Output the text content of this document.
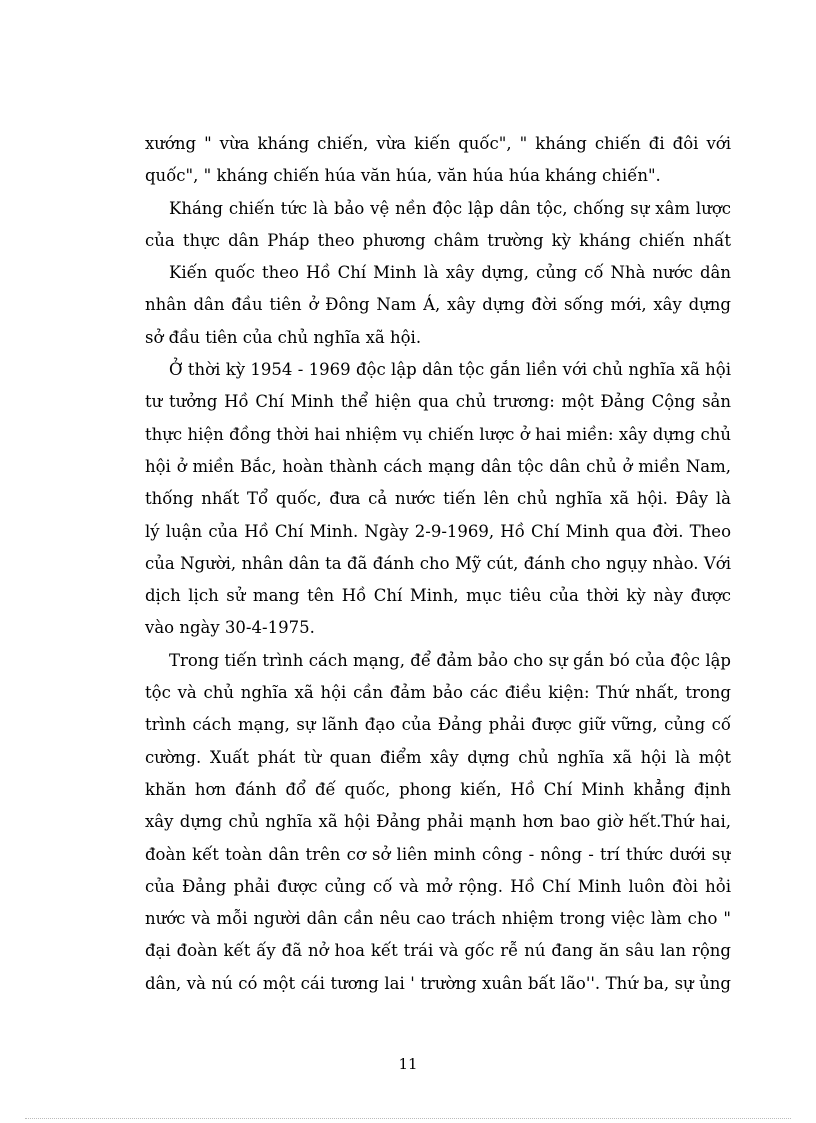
xướng " vừa kháng chiến, vừa kiến quốc", " kháng chiến đi đôi với
quốc", " kháng chiến húa văn húa, văn húa húa kháng chiến".
Kháng chiến tức là bảo vệ nền độc lập dân tộc, chống sự xâm lược
của thực dân Pháp theo phương châm trường kỳ kháng chiến nhất
Kiến quốc theo Hồ Chí Minh là xây dựng, củng cố Nhà nước dân
nhân dân đầu tiên ở Đông Nam Á, xây dựng đời sống mới, xây dựng
sở đầu tiên của chủ nghĩa xã hội.
Ở thời kỳ 1954 - 1969 độc lập dân tộc gắn liền với chủ nghĩa xã hội
tư tưởng Hồ Chí Minh thể hiện qua chủ trương: một Đảng Cộng sản
thực hiện đồng thời hai nhiệm vụ chiến lược ở hai miền: xây dựng chủ
hội ở miền Bắc, hoàn thành cách mạng dân tộc dân chủ ở miền Nam,
thống nhất Tổ quốc, đưa cả nước tiến lên chủ nghĩa xã hội. Đây là
lý luận của Hồ Chí Minh. Ngày 2-9-1969, Hồ Chí Minh qua đời. Theo
của Người, nhân dân ta đã đánh cho Mỹ cút, đánh cho ngụy nhào. Với
dịch lịch sử mang tên Hồ Chí Minh, mục tiêu của thời kỳ này được
vào ngày 30-4-1975.
Trong tiến trình cách mạng, để đảm bảo cho sự gắn bó của độc lập
tộc và chủ nghĩa xã hội cần đảm bảo các điều kiện: Thứ nhất, trong
trình cách mạng, sự lãnh đạo của Đảng phải được giữ vững, củng cố
cường. Xuất phát từ quan điểm xây dựng chủ nghĩa xã hội là một
khăn hơn đánh đổ đế quốc, phong kiến, Hồ Chí Minh khẳng định
xây dựng chủ nghĩa xã hội Đảng phải mạnh hơn bao giờ hết.Thứ hai,
đoàn kết toàn dân trên cơ sở liên minh công - nông - trí thức dưới sự
của Đảng phải được củng cố và mở rộng. Hồ Chí Minh luôn đòi hỏi
nước và mỗi người dân cần nêu cao trách nhiệm trong việc làm cho "
đại đoàn kết ấy đã nở hoa kết trái và gốc rễ nú đang ăn sâu lan rộng
dân, và nú có một cái tương lai ' trường xuân bất lão''. Thứ ba, sự ủng
11
